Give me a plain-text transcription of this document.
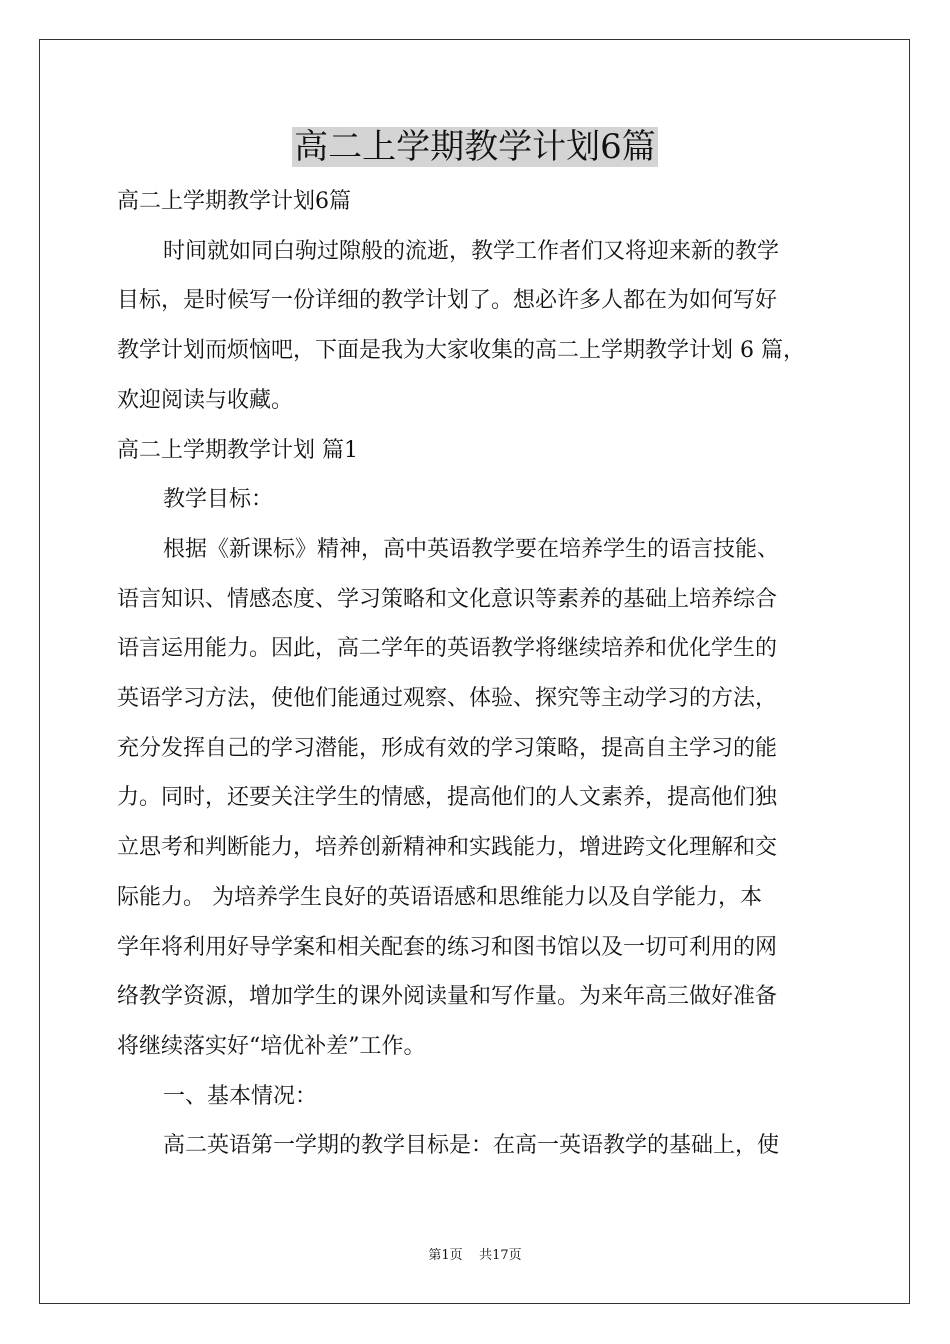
高二上学期教学计划6篇

高二上学期教学计划6篇

时间就如同白驹过隙般的流逝，教学工作者们又将迎来新的教学

目标，是时候写一份详细的教学计划了。想必许多人都在为如何写好

教学计划而烦恼吧，下面是我为大家收集的高二上学期教学计划 6 篇，

欢迎阅读与收藏。

高二上学期教学计划 篇1

教学目标：

根据《新课标》精神，高中英语教学要在培养学生的语言技能、

语言知识、情感态度、学习策略和文化意识等素养的基础上培养综合

语言运用能力。因此，高二学年的英语教学将继续培养和优化学生的

英语学习方法，使他们能通过观察、体验、探究等主动学习的方法，

充分发挥自己的学习潜能，形成有效的学习策略，提高自主学习的能

力。同时，还要关注学生的情感，提高他们的人文素养，提高他们独

立思考和判断能力，培养创新精神和实践能力，增进跨文化理解和交

际能力。 为培养学生良好的英语语感和思维能力以及自学能力，本

学年将利用好导学案和相关配套的练习和图书馆以及一切可利用的网

络教学资源，增加学生的课外阅读量和写作量。为来年高三做好准备

将继续落实好“培优补差”工作。

一、基本情况：

高二英语第一学期的教学目标是：在高一英语教学的基础上，使

第1页    共17页
